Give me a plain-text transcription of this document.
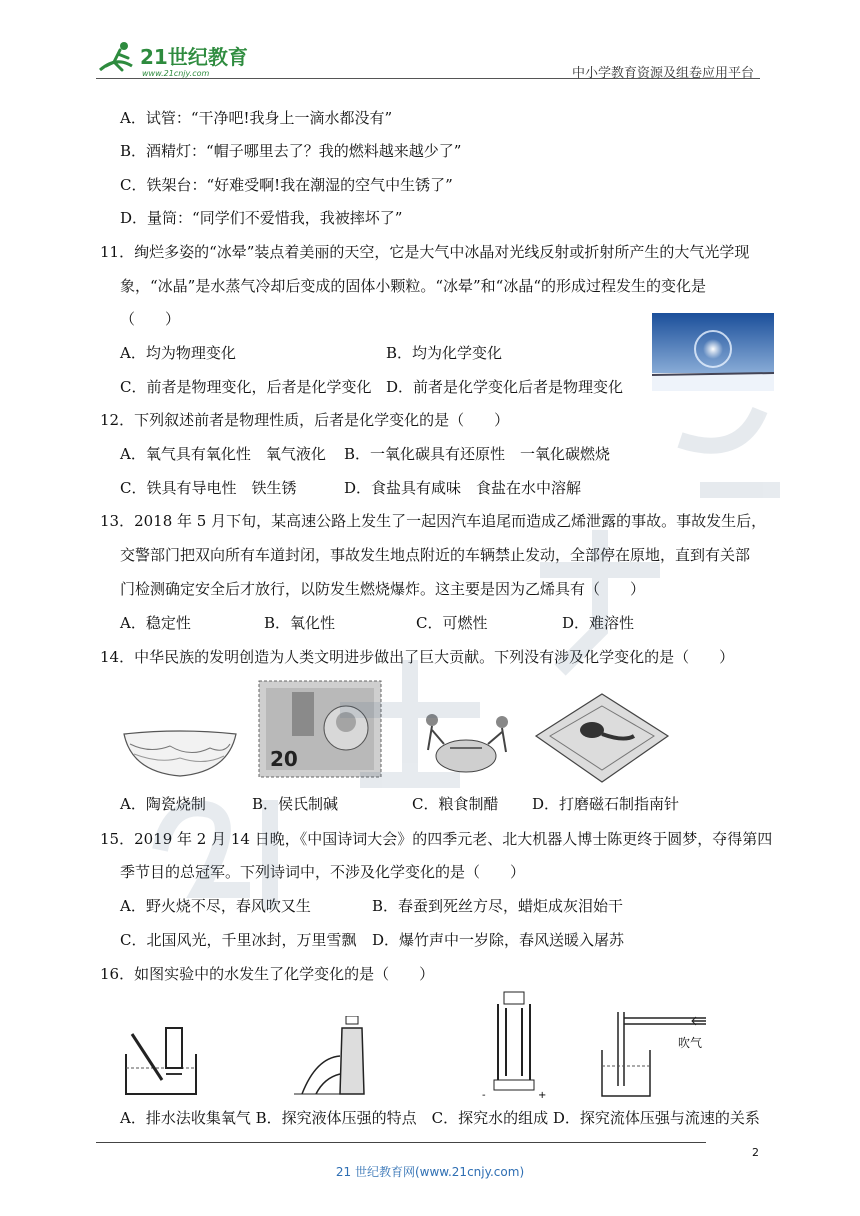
21世纪教育
www.21cnjy.com	中小学教育资源及组卷应用平台
A．试管：“干净吧!我身上一滴水都没有”
B．酒精灯：“帽子哪里去了？我的燃料越来越少了”
C．铁架台：“好难受啊!我在潮湿的空气中生锈了”
D．量筒：“同学们不爱惜我，我被摔坏了”
11．绚烂多姿的“冰晕”装点着美丽的天空，它是大气中冰晶对光线反射或折射所产生的大气光学现
象，“冰晶”是水蒸气冷却后变成的固体小颗粒。“冰晕”和“冰晶“的形成过程发生的变化是
（　　）
A．均为物理变化	B．均为化学变化
C．前者是物理变化，后者是化学变化 D．前者是化学变化后者是物理变化
12．下列叙述前者是物理性质，后者是化学变化的是（　　）
A．氧气具有氧化性　氧气液化 B．一氧化碳具有还原性　一氧化碳燃烧
C．铁具有导电性　铁生锈	D．食盐具有咸味　食盐在水中溶解
13．2018 年 5 月下旬，某高速公路上发生了一起因汽车追尾而造成乙烯泄露的事故。事故发生后，
交警部门把双向所有车道封闭，事故发生地点附近的车辆禁止发动，全部停在原地，直到有关部
门检测确定安全后才放行，以防发生燃烧爆炸。这主要是因为乙烯具有（　　）
A．稳定性	B．氧化性	C．可燃性	D．难溶性
14．中华民族的发明创造为人类文明进步做出了巨大贡献。下列没有涉及化学变化的是（　　）
20
A．陶瓷烧制	B．侯氏制碱	C．粮食制醋 D．打磨磁石制指南针
15．2019 年 2 月 14 日晚，《中国诗词大会》的四季元老、北大机器人博士陈更终于圆梦，夺得第四
季节目的总冠军。下列诗词中，不涉及化学变化的是（　　）
A．野火烧不尽，春风吹又生	B．春蚕到死丝方尽，蜡炬成灰泪始干
C．北国风光，千里冰封，万里雪飘 D．爆竹声中一岁除，春风送暖入屠苏
16．如图实验中的水发生了化学变化的是（　　）
-	+
吹气
A．排水法收集氧气 B．探究液体压强的特点　C．探究水的组成 D．探究流体压强与流速的关系
2
21 世纪教育网(www.21cnjy.com)
